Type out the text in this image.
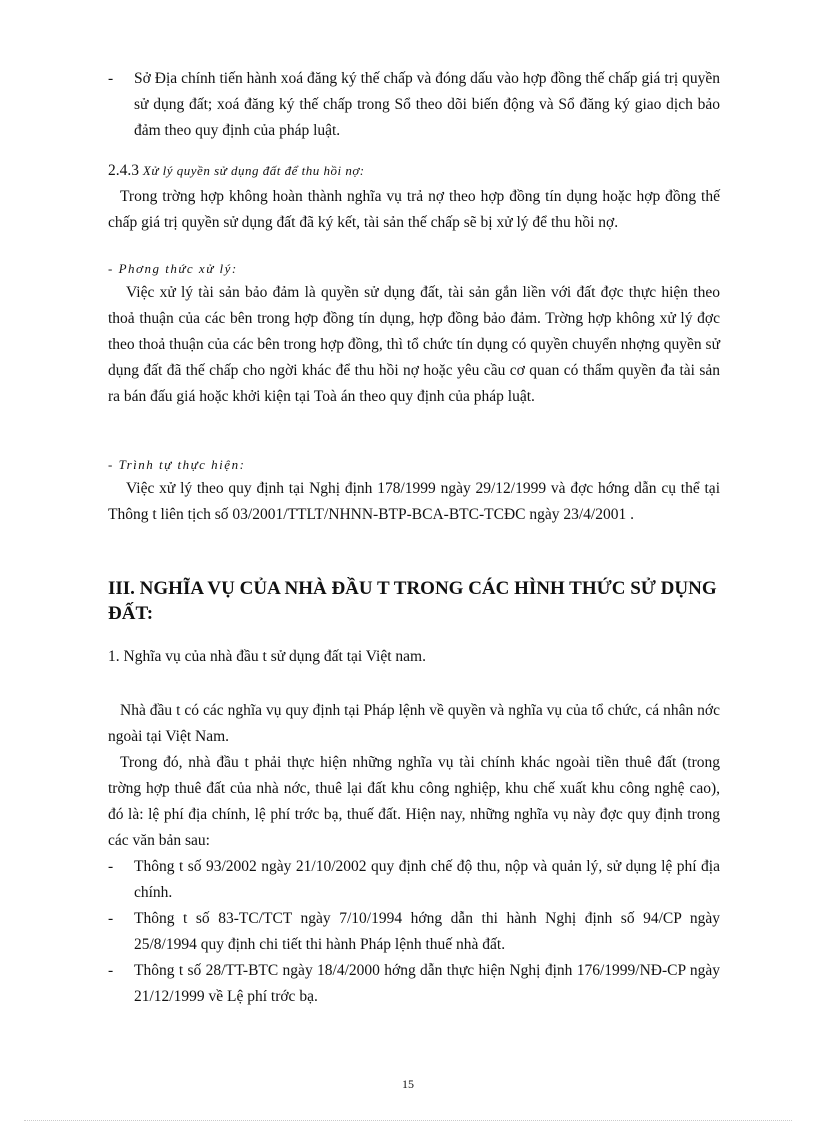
-	Sở Địa chính tiến hành xoá đăng ký thế chấp và đóng dấu vào hợp đồng thế chấp giá trị quyền sử dụng đất; xoá đăng ký thế chấp trong Sổ theo dõi biến động và Sổ đăng ký giao dịch bảo đảm theo quy định của pháp luật.

2.4.3 Xử lý quyền sử dụng đất để thu hồi nợ:

Trong trờng hợp không hoàn thành nghĩa vụ trả nợ theo hợp đồng tín dụng hoặc hợp đồng thế chấp giá trị quyền sử dụng đất đã ký kết, tài sản thế chấp sẽ bị xử lý để thu hồi nợ.

- Phơng thức xử lý:

Việc xử lý tài sản bảo đảm là quyền sử dụng đất, tài sản gắn liền với đất đợc thực hiện theo thoả thuận của các bên trong hợp đồng tín dụng, hợp đồng bảo đảm. Trờng hợp không xử lý đợc theo thoả thuận của các bên trong hợp đồng, thì tổ chức tín dụng có quyền chuyển nhợng quyền sử dụng đất đã thế chấp cho ngời khác để thu hồi nợ hoặc yêu cầu cơ quan có thẩm quyền đa tài sản ra bán đấu giá hoặc khởi kiện tại Toà án theo quy định của pháp luật.

- Trình tự thực hiện:

Việc xử lý theo quy định tại Nghị định 178/1999 ngày 29/12/1999 và đợc hớng dẫn cụ thể tại Thông t liên tịch số 03/2001/TTLT/NHNN-BTP-BCA-BTC-TCĐC ngày 23/4/2001 .

III. NGHĨA VỤ CỦA NHÀ ĐẦU T TRONG CÁC HÌNH THỨC SỬ DỤNG ĐẤT:

1. Nghĩa vụ của nhà đầu t sử dụng đất tại Việt nam.

Nhà đầu t có các nghĩa vụ quy định tại Pháp lệnh về quyền và nghĩa vụ của tổ chức, cá nhân nớc ngoài tại Việt Nam.

Trong đó, nhà đầu t phải thực hiện những nghĩa vụ tài chính khác ngoài tiền thuê đất (trong trờng hợp thuê đất của nhà nớc, thuê lại đất khu công nghiệp, khu chế xuất khu công nghệ cao), đó là: lệ phí địa chính, lệ phí trớc bạ, thuế đất. Hiện nay, những nghĩa vụ này đợc quy định trong các văn bản sau:

-	Thông t số 93/2002 ngày 21/10/2002 quy định chế độ thu, nộp và quản lý, sử dụng lệ phí địa chính.
-	Thông t số 83-TC/TCT ngày 7/10/1994 hớng dẫn thi hành Nghị định số 94/CP ngày 25/8/1994 quy định chi tiết thi hành Pháp lệnh thuế nhà đất.
-	Thông t số 28/TT-BTC ngày 18/4/2000 hớng dẫn thực hiện Nghị định 176/1999/NĐ-CP ngày 21/12/1999 về Lệ phí trớc bạ.
15
